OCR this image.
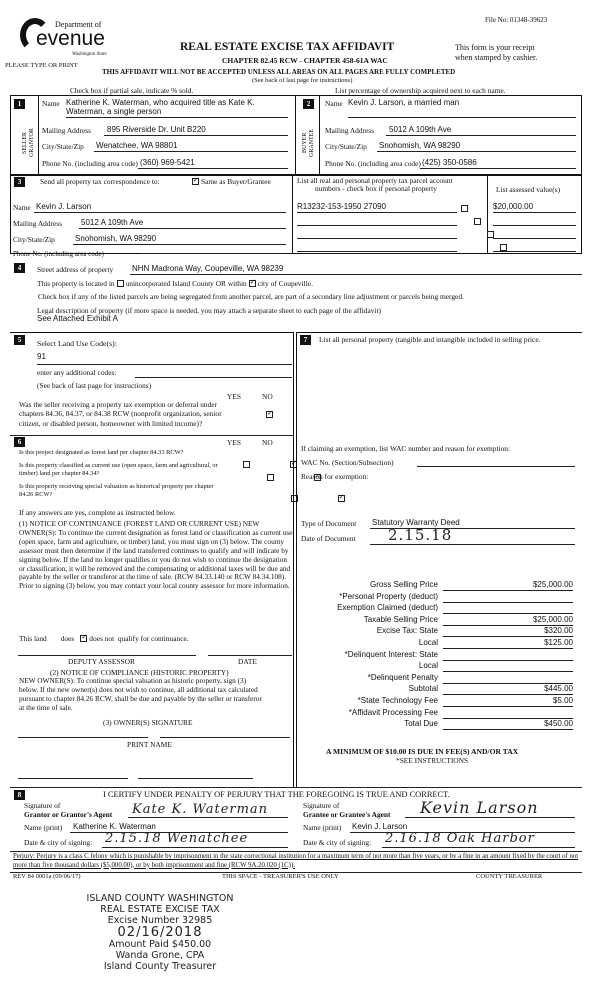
File No: 01348-39623
Department of
evenue
Washington State
PLEASE TYPE OR PRINT
REAL ESTATE EXCISE TAX AFFIDAVIT
CHAPTER 82.45 RCW - CHAPTER 458-61A WAC
This form is your receipt
when stamped by cashier.
THIS AFFIDAVIT WILL NOT BE ACCEPTED UNLESS ALL AREAS ON ALL PAGES ARE FULLY COMPLETED
(See back of last page for instructions)
Check box if partial sale, indicate % sold.	List percentage of ownership acquired next to each name.
1
SELLER GRANTOR
Name Katherine K. Waterman, who acquired title as Kate K.
Waterman, a single person
Mailing Address 895 Riverside Dr. Unit B220
City/State/Zip Wenatchee, WA 98801
Phone No. (including area code) (360) 969-5421
2
BUYER GRANTEE
Name Kevin J. Larson, a married man
Mailing Address 5012 A 109th Ave
City/State/Zip Snohomish, WA 98290
Phone No. (including area code) (425) 350-0586
3	Send all property tax correspondence to: ✓	Same as Buyer/Grantee
Name Kevin J. Larson
Mailing Address 5012 A 109th Ave
City/State/Zip	Snohomish, WA 98290
Phone No. (including area code)
List all real and personal property tax parcel account
numbers - check box if personal property	List assessed value(s)
R13232-153-1950 27090
	$20,000.00

4	Street address of property NHN Madrona Way, Coupeville, WA 98239
This property is located in unincorporated Island County OR within ✓ city of Coupeville.
Check box if any of the listed parcels are being segregated from another parcel, are part of a secondary line adjustment or parcels being merged.
Legal description of property (if more space is needed, you may attach a separate sheet to each page of the affidavit)
See Attached Exhibit A
5	Select Land Use Code(s):
91
enter any additional codes:
(See back of last page for instructions)
YES	NO
✓
Was the seller receiving a property tax exemption or deferral under chapters 84.36, 84.37, or 84.38 RCW (nonprofit organization, senior citizen, or disabled person, homeowner with limited income)?
6	YES	NO
Is this project designated as forest land per chapter 84.33 RCW?
✓
Is this property classified as current use (open space, farm and agricultural, or timber) land per chapter 84.34?
✓
Is this property receiving special valuation as historical property per chapter 84.26 RCW?
✓
If any answers are yes, complete as instructed below.
(1) NOTICE OF CONTINUANCE (FOREST LAND OR CURRENT USE) NEW OWNER(S): To continue the current designation as forest land or classification as current use (open space, farm and agriculture, or timber) land, you must sign on (3) below. The county assessor must then determine if the land transferred continues to qualify and will indicate by signing below. If the land no longer qualifies or you do not wish to continue the designation or classification, it will be removed and the compensating or additional taxes will be due and payable by the seller or transferor at the time of sale. (RCW 84.33.140 or RCW 84.34.108). Prior to signing (3) below, you may contact your local county assessor for more information.
This land does ✓ does not qualify for continuance.
DEPUTY ASSESSOR	DATE
(2) NOTICE OF COMPLIANCE (HISTORIC PROPERTY)
NEW OWNER(S): To continue special valuation as historic property, sign (3) below. If the new owner(s) does not wish to continue, all additional tax calculated pursuant to chapter 84.26 RCW, shall be due and payable by the seller or transferor at the time of sale.
(3) OWNER(S) SIGNATURE
PRINT NAME
7	List all personal property (tangible and intangible included in selling price.
If claiming an exemption, list WAC number and reason for exemption:
WAC No. (Section/Subsection)
Reason for exemption:
Type of Document Statutory Warranty Deed
Date of Document 2.15.18
Gross Selling Price	$25,000.00
*Personal Property (deduct)
Exemption Claimed (deduct)
Taxable Selling Price	$25,000.00
Excise Tax: State	$320.00
Local	$125.00
*Delinquent Interest: State
Local
*Delinquent Penalty
Subtotal	$445.00
*State Technology Fee	$5.00
*Affidavit Processing Fee
Total Due	$450.00
A MINIMUM OF $10.00 IS DUE IN FEE(S) AND/OR TAX
*SEE INSTRUCTIONS
8	I CERTIFY UNDER PENALTY OF PERJURY THAT THE FOREGOING IS TRUE AND CORRECT.
Signature of
Grantor or Grantor's Agent Kate K. Waterman
Name (print) Katherine K. Waterman
Date & city of signing: 2.15.18 Wenatchee
Signature of
Grantee or Grantee's Agent Kevin Larson
Name (print) Kevin J. Larson
Date & city of signing: 2.16.18 Oak Harbor
Perjury: Perjury is a class C felony which is punishable by imprisonment in the state correctional institution for a maximum term of not more than five years, or by a fine in an amount fixed by the court of not more than five thousand dollars ($5,000.00), or by both imprisonment and fine (RCW 9A.20.020 (1C)).
REV 84 0001a (09/06/17)	THIS SPACE - TREASURER'S USE ONLY	COUNTY TREASURER
ISLAND COUNTY WASHINGTON
REAL ESTATE EXCISE TAX
Excise Number 32985
02/16/2018
Amount Paid $450.00
Wanda Grone, CPA
Island County Treasurer
